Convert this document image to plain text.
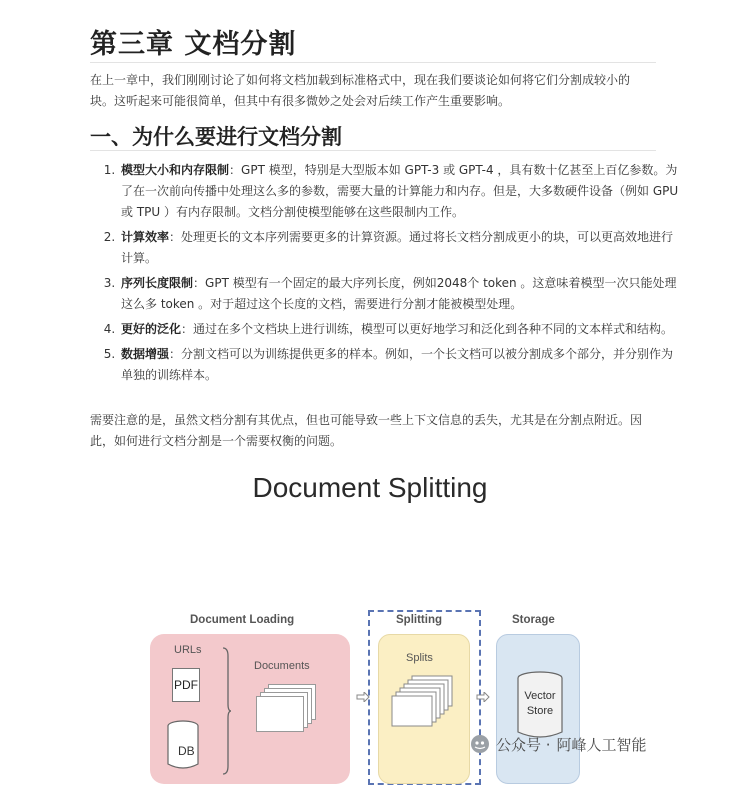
第三章 文档分割

在上一章中，我们刚刚讨论了如何将文档加载到标准格式中，现在我们要谈论如何将它们分割成较小的块。这听起来可能很简单，但其中有很多微妙之处会对后续工作产生重要影响。

一、为什么要进行文档分割
1. 模型大小和内存限制：GPT 模型，特别是大型版本如 GPT-3 或 GPT-4 ，具有数十亿甚至上百亿参数。为了在一次前向传播中处理这么多的参数，需要大量的计算能力和内存。但是，大多数硬件设备（例如 GPU 或 TPU ）有内存限制。文档分割使模型能够在这些限制内工作。
2. 计算效率：处理更长的文本序列需要更多的计算资源。通过将长文档分割成更小的块，可以更高效地进行计算。
3. 序列长度限制：GPT 模型有一个固定的最大序列长度，例如2048个 token 。这意味着模型一次只能处理这么多 token 。对于超过这个长度的文档，需要进行分割才能被模型处理。
4. 更好的泛化：通过在多个文档块上进行训练，模型可以更好地学习和泛化到各种不同的文本样式和结构。
5. 数据增强：分割文档可以为训练提供更多的样本。例如，一个长文档可以被分割成多个部分，并分别作为单独的训练样本。

需要注意的是，虽然文档分割有其优点，但也可能导致一些上下文信息的丢失，尤其是在分割点附近。因此，如何进行文档分割是一个需要权衡的问题。

Document Splitting
Document Loading	Splitting	Storage
URLs
PDF
Documents
DB
Splits
Vector
Store
公众号 · 阿峰人工智能
